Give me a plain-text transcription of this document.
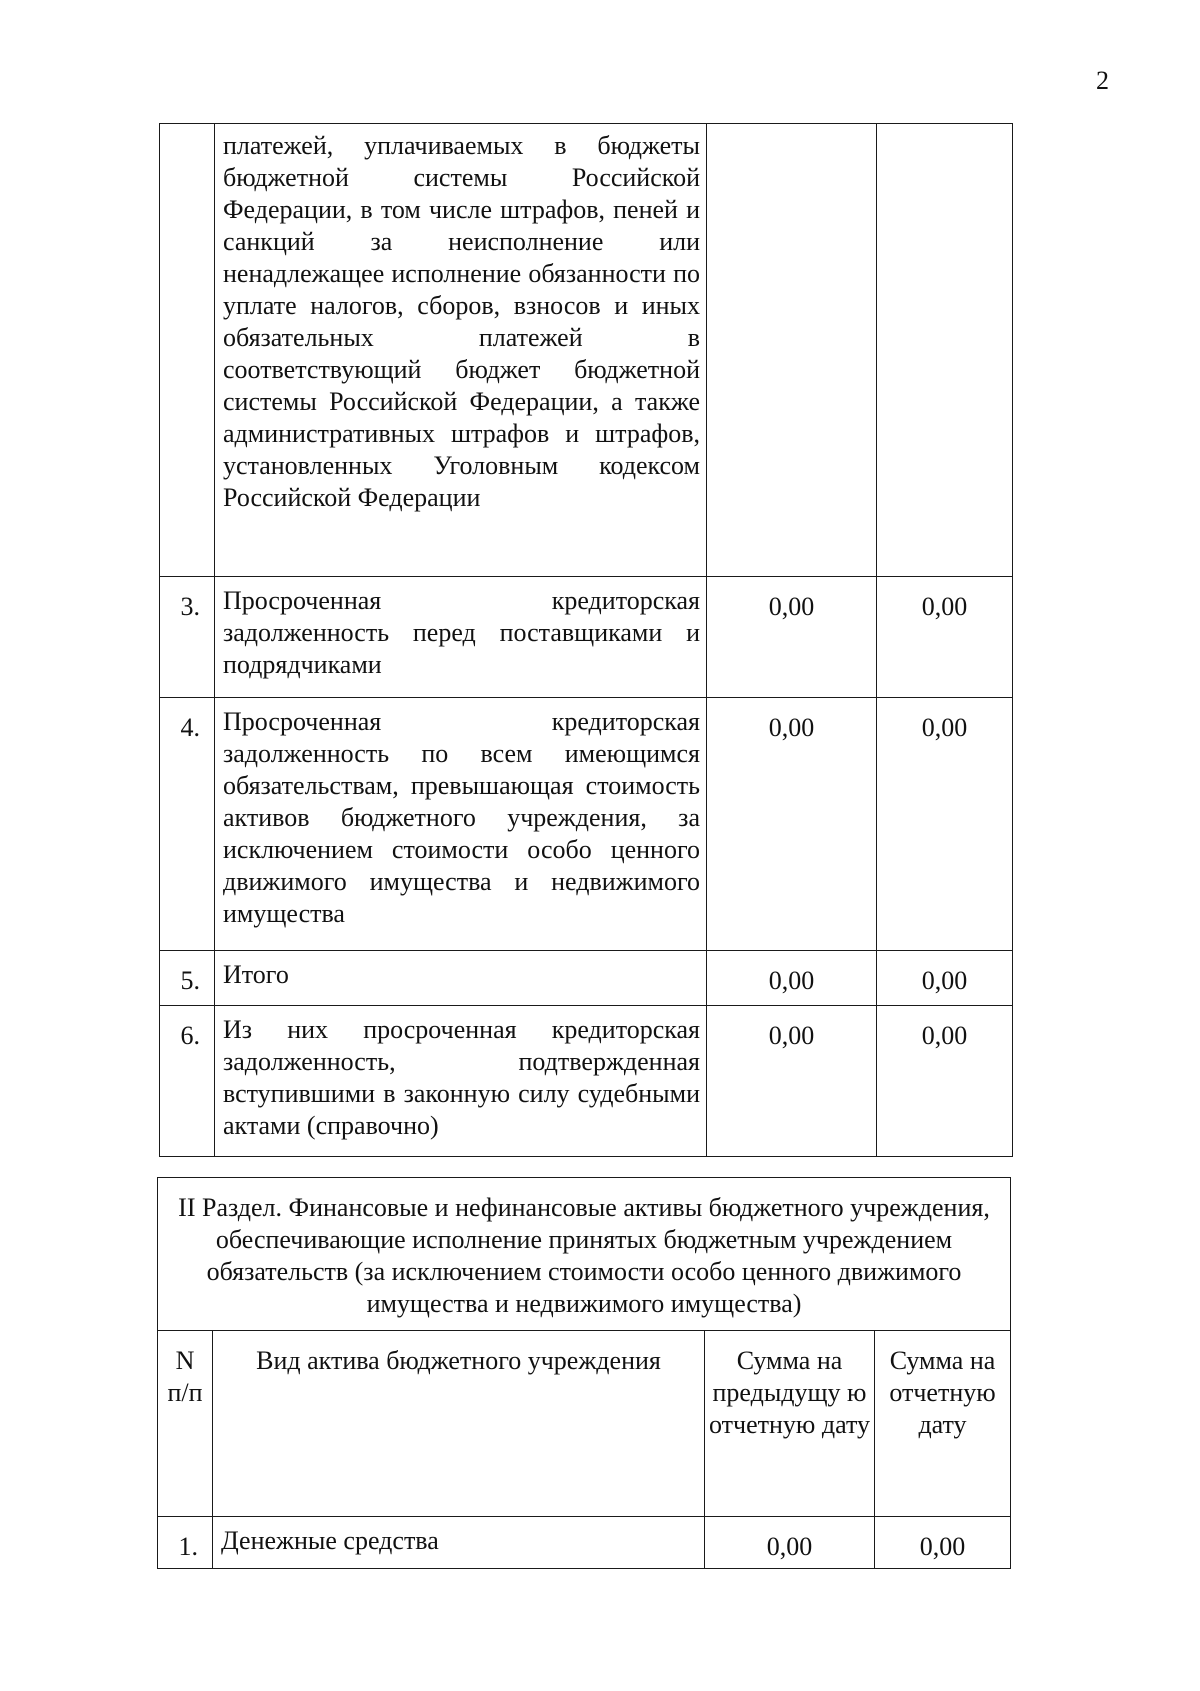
2
	платежей, уплачиваемых в бюджеты бюджетной системы Российской Федерации, в том числе штрафов, пеней и санкций за неисполнение или ненадлежащее исполнение обязанности по уплате налогов, сборов, взносов и иных обязательных платежей в соответствующий бюджет бюджетной системы Российской Федерации, а также административных штрафов и штрафов, установленных Уголовным кодексом Российской Федерации		
3.	Просроченная кредиторская задолженность перед поставщиками и подрядчиками	0,00	0,00
4.	Просроченная кредиторская задолженность по всем имеющимся обязательствам, превышающая стоимость активов бюджетного учреждения, за исключением стоимости особо ценного движимого имущества и недвижимого имущества	0,00	0,00
5.	Итого	0,00	0,00
6.	Из них просроченная кредиторская задолженность, подтвержденная вступившими в законную силу судебными актами (справочно)	0,00	0,00
II Раздел. Финансовые и нефинансовые активы бюджетного учреждения, обеспечивающие исполнение принятых бюджетным учреждением обязательств (за исключением стоимости особо ценного движимого имущества и недвижимого имущества)			
N п/п	Вид актива бюджетного учреждения	Сумма на предыдущу ю отчетную дату	Сумма на отчетную дату
1.	Денежные средства	0,00	0,00
